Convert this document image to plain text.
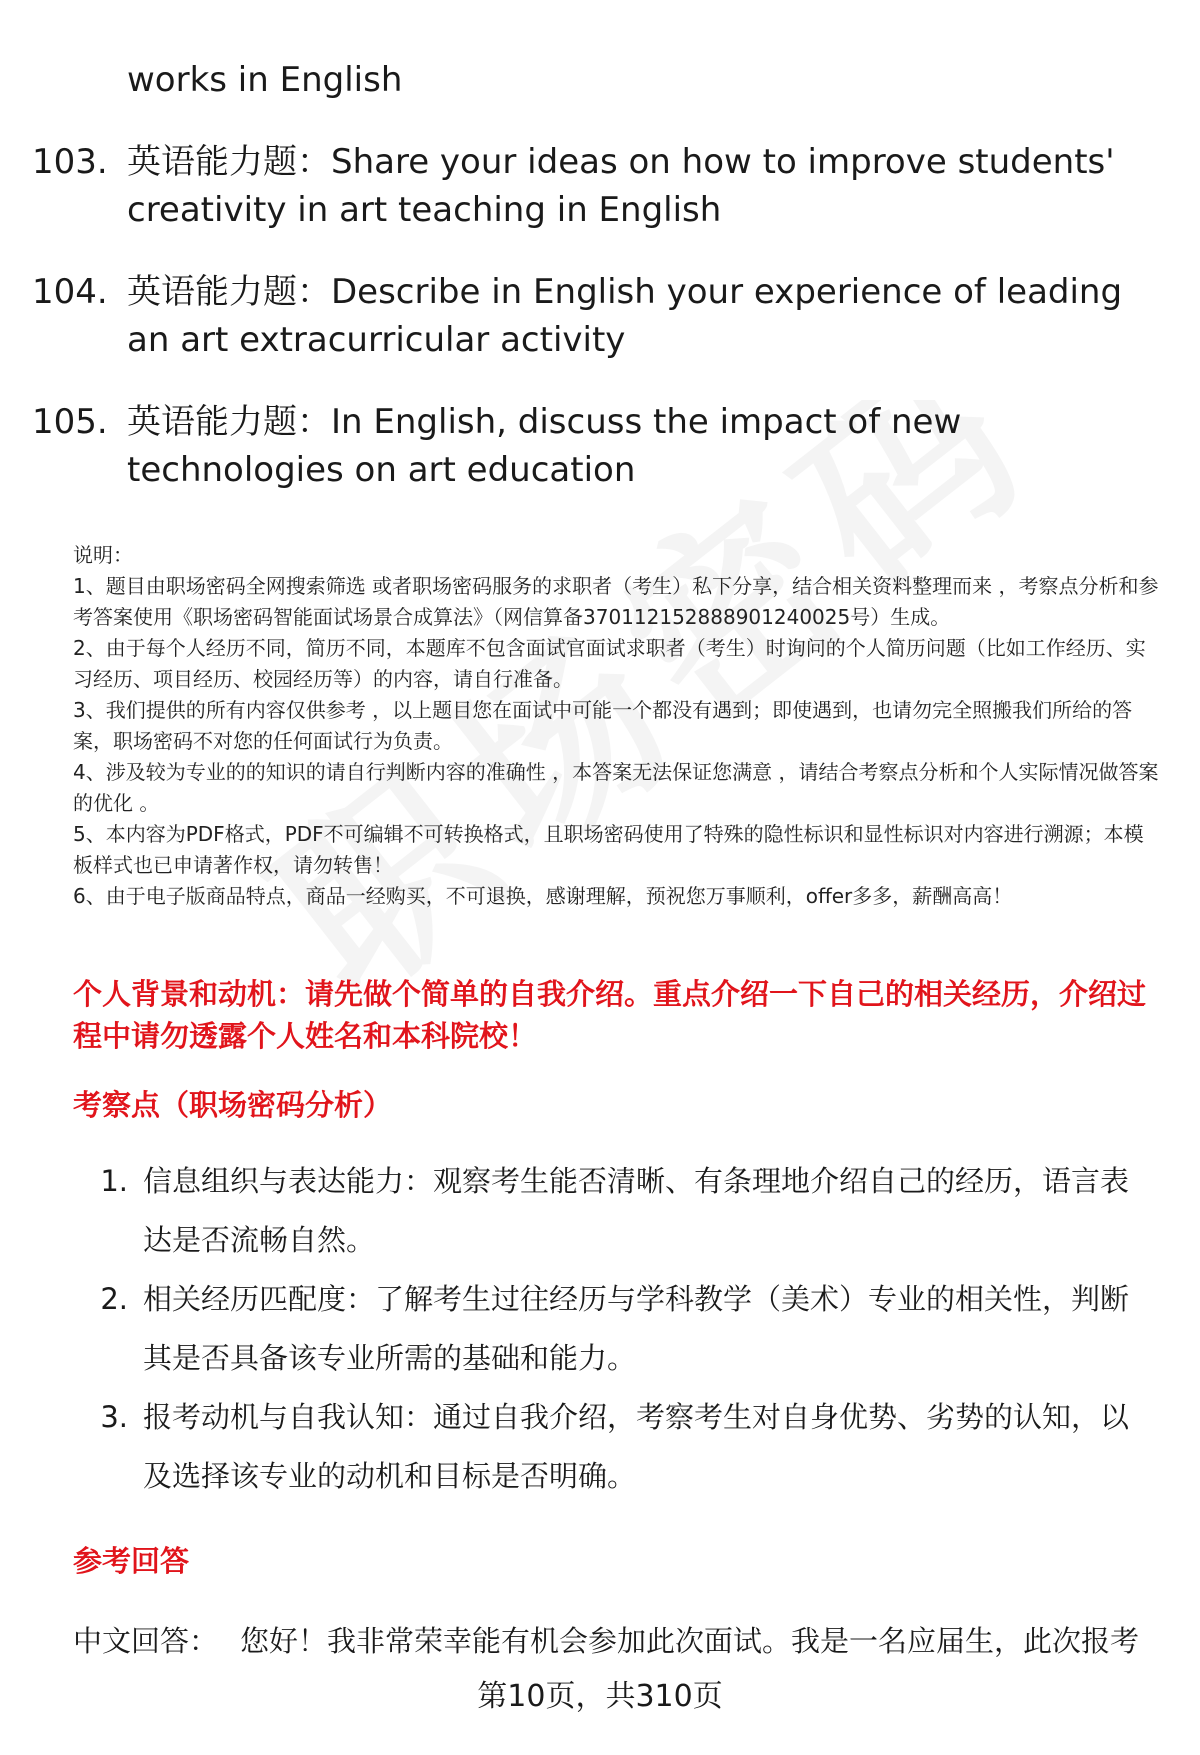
works in English
103. 英语能力题：Share your ideas on how to improve students' creativity in art teaching in English
104. 英语能力题：Describe in English your experience of leading an art extracurricular activity
105. 英语能力题：In English, discuss the impact of new technologies on art education

说明：

1、题目由职场密码全网搜索筛选 或者职场密码服务的求职者（考生）私下分享，结合相关资料整理而来 ，考察点分析和参考答案使用《职场密码智能面试场景合成算法》（网信算备370112152888901240025号）生成。

2、由于每个人经历不同，简历不同，本题库不包含面试官面试求职者（考生）时询问的个人简历问题（比如工作经历、实习经历、项目经历、校园经历等）的内容，请自行准备。

3、我们提供的所有内容仅供参考 ，以上题目您在面试中可能一个都没有遇到；即使遇到，也请勿完全照搬我们所给的答案，职场密码不对您的任何面试行为负责。

4、涉及较为专业的的知识的请自行判断内容的准确性 ，本答案无法保证您满意 ，请结合考察点分析和个人实际情况做答案的优化 。

5、本内容为PDF格式，PDF不可编辑不可转换格式，且职场密码使用了特殊的隐性标识和显性标识对内容进行溯源；本模板样式也已申请著作权，请勿转售！

6、由于电子版商品特点，商品一经购买，不可退换，感谢理解，预祝您万事顺利，offer多多，薪酬高高！

个人背景和动机：请先做个简单的自我介绍。重点介绍一下自己的相关经历，介绍过程中请勿透露个人姓名和本科院校！
考察点（职场密码分析）
1. 信息组织与表达能力：观察考生能否清晰、有条理地介绍自己的经历，语言表达是否流畅自然。
2. 相关经历匹配度：了解考生过往经历与学科教学（美术）专业的相关性，判断其是否具备该专业所需的基础和能力。
3. 报考动机与自我认知：通过自我介绍，考察考生对自身优势、劣势的认知，以及选择该专业的动机和目标是否明确。
参考回答
中文回答： 您好！我非常荣幸能有机会参加此次面试。我是一名应届生，此次报考
第10页，共310页
